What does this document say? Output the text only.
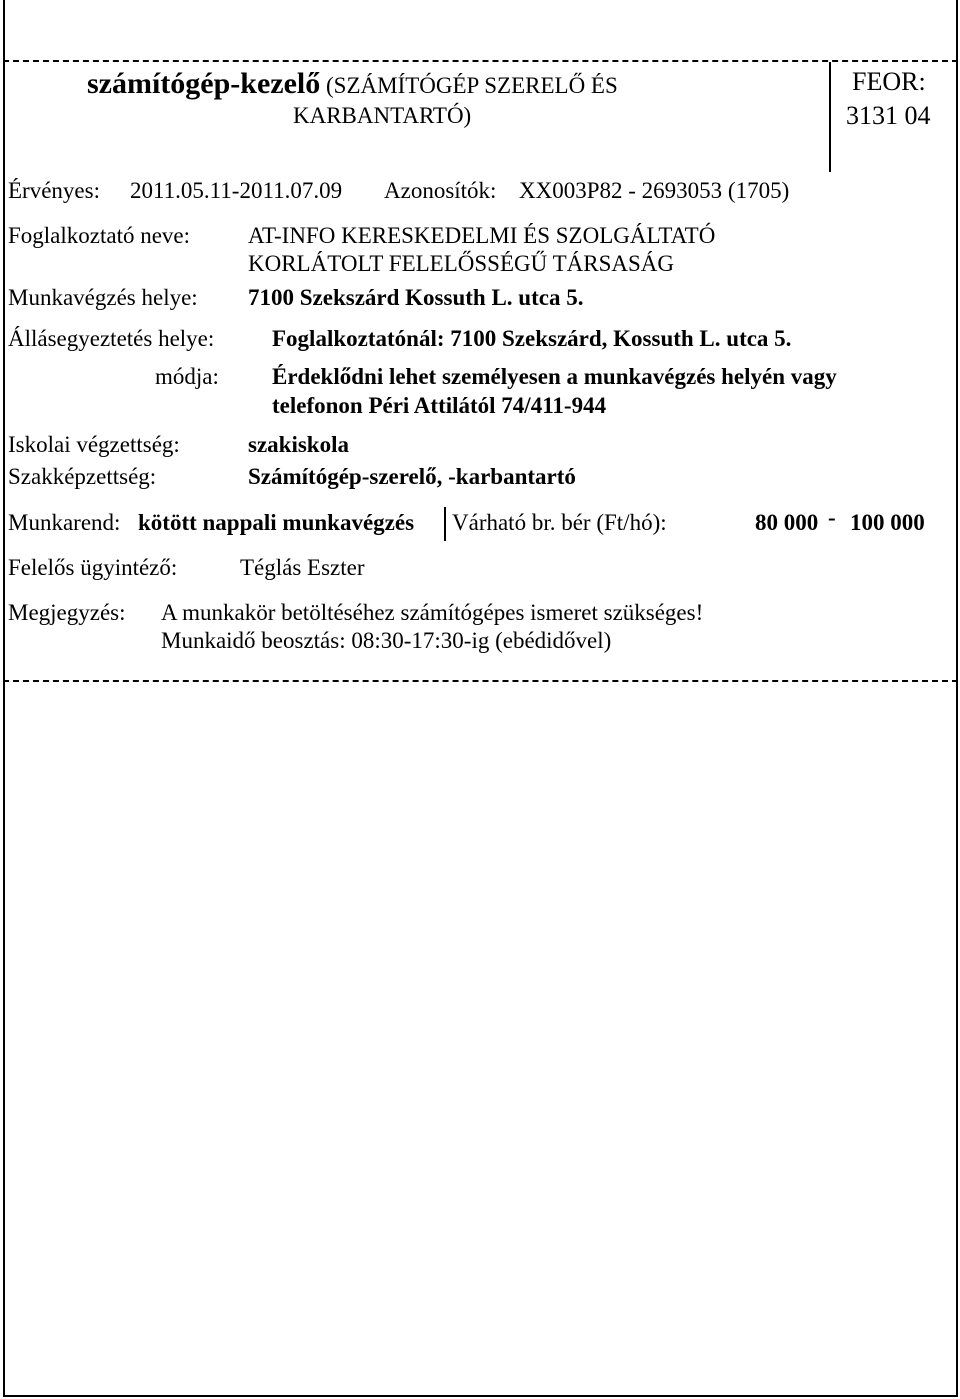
számítógép-kezelő (SZÁMÍTÓGÉP SZERELŐ ÉS
KARBANTARTÓ)
FEOR:
3131 04
Érvényes: 2011.05.11-2011.07.09 Azonosítók: XX003P82 - 2693053 (1705)
Foglalkoztató neve:	AT-INFO KERESKEDELMI ÉS SZOLGÁLTATÓ
KORLÁTOLT FELELŐSSÉGŰ TÁRSASÁG
Munkavégzés helye: 7100 Szekszárd Kossuth L. utca 5.
Állásegyeztetés helye:	Foglalkoztatónál: 7100 Szekszárd, Kossuth L. utca 5.
módja: Érdeklődni lehet személyesen a munkavégzés helyén vagy
telefonon Péri Attilától 74/411-944
Iskolai végzettség:	szakiskola
Szakképzettség:	Számítógép-szerelő, -karbantartó
Munkarend: kötött nappali munkavégzés Várható br. bér (Ft/hó):	80 000 - 100 000
Felelős ügyintéző:	Téglás Eszter
Megjegyzés: A munkakör betöltéséhez számítógépes ismeret szükséges!
Munkaidő beosztás: 08:30-17:30-ig (ebédidővel)
